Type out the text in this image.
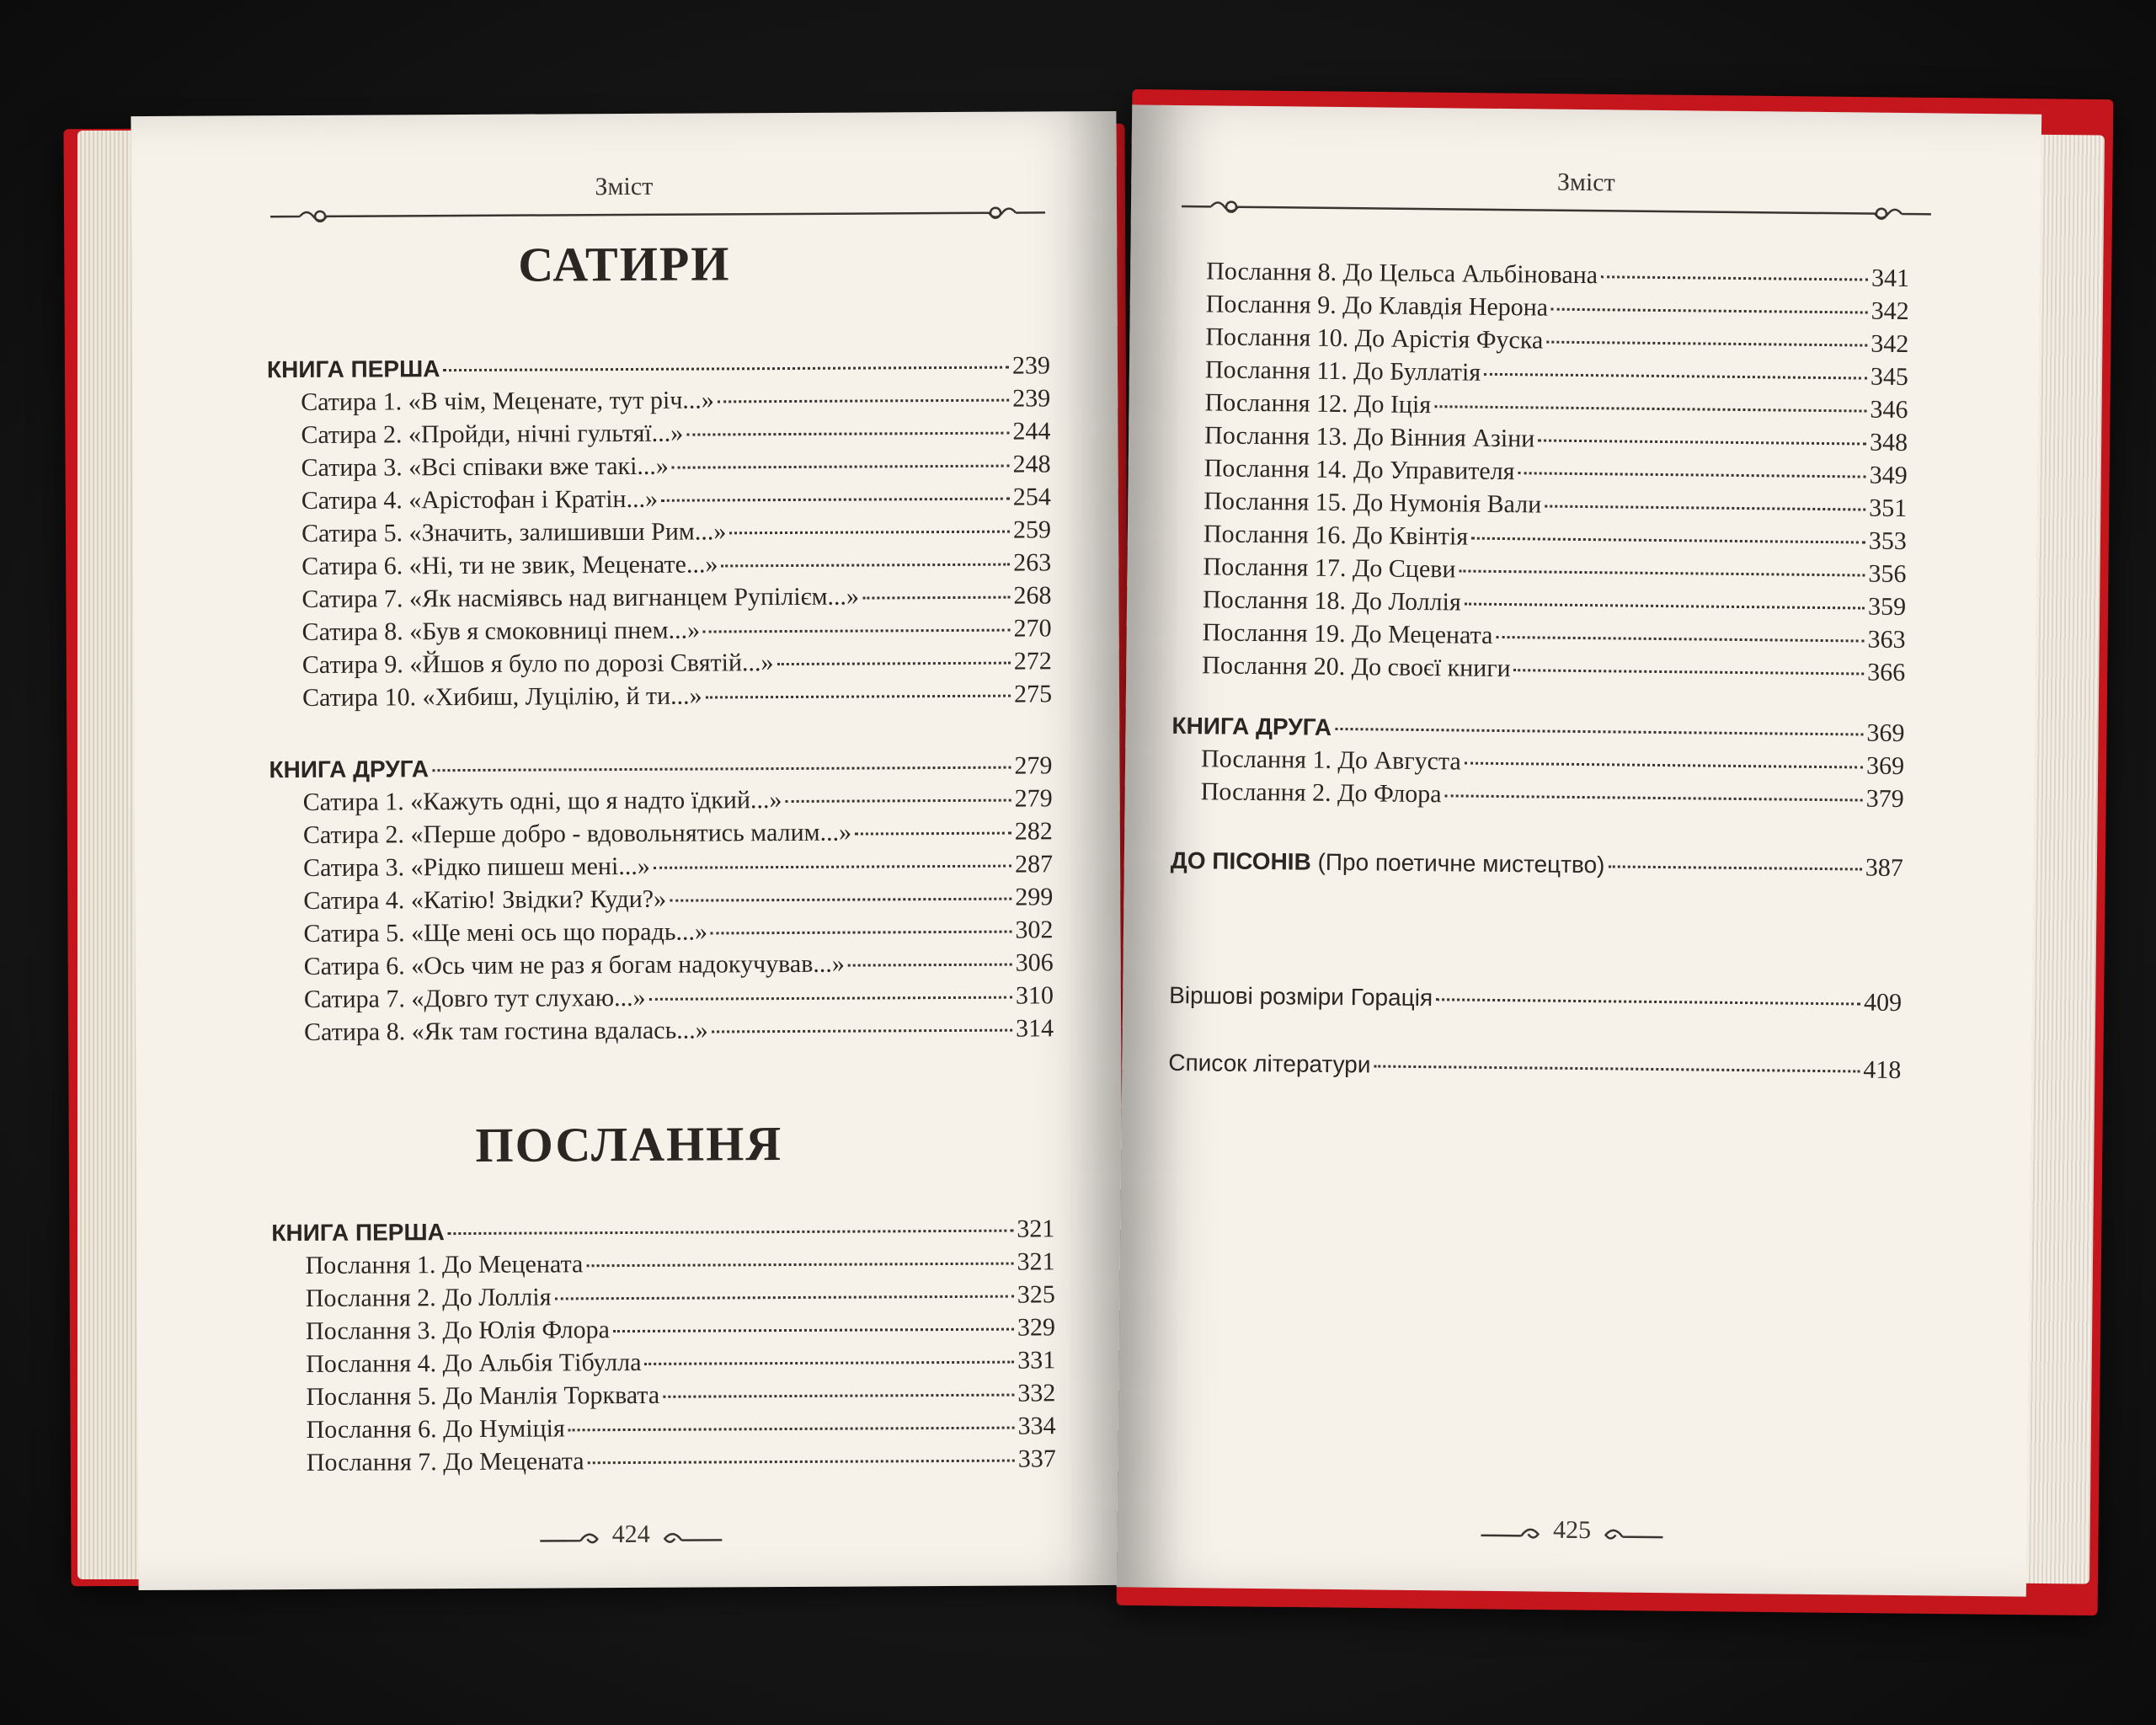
Зміст
САТИРИ
КНИГА ПЕРША	239
Сатира 1. «В чім, Меценате, тут річ...»	239
Сатира 2. «Пройди, нічні гультяї...»	244
Сатира 3. «Всі співаки вже такі...»	248
Сатира 4. «Арістофан і Кратін...»	254
Сатира 5. «Значить, залишивши Рим...»	259
Сатира 6. «Ні, ти не звик, Меценате...»	263
Сатира 7. «Як насміявсь над вигнанцем Рупілієм...»	268
Сатира 8. «Був я смоковниці пнем...»	270
Сатира 9. «Йшов я було по дорозі Святій...»	272
Сатира 10. «Хибиш, Луцілію, й ти...»	275
КНИГА ДРУГА	279
Сатира 1. «Кажуть одні, що я надто їдкий...»	279
Сатира 2. «Перше добро - вдовольнятись малим...»	282
Сатира 3. «Рідко пишеш мені...»	287
Сатира 4. «Катію! Звідки? Куди?»	299
Сатира 5. «Ще мені ось що порадь...»	302
Сатира 6. «Ось чим не раз я богам надокучував...»	306
Сатира 7. «Довго тут слухаю...»	310
Сатира 8. «Як там гостина вдалась...»	314
ПОСЛАННЯ
КНИГА ПЕРША	321
Послання 1. До Мецената	321
Послання 2. До Лоллія	325
Послання 3. До Юлія Флора	329
Послання 4. До Альбія Тібулла	331
Послання 5. До Манлія Торквата	332
Послання 6. До Нуміція	334
Послання 7. До Мецената	337
424
Зміст
Послання 8. До Цельса Альбінована	341
Послання 9. До Клавдія Нерона	342
Послання 10. До Арістія Фуска	342
Послання 11. До Буллатія	345
Послання 12. До Іція	346
Послання 13. До Вінния Азіни	348
Послання 14. До Управителя	349
Послання 15. До Нумонія Вали	351
Послання 16. До Квінтія	353
Послання 17. До Сцеви	356
Послання 18. До Лоллія	359
Послання 19. До Мецената	363
Послання 20. До своєї книги	366
КНИГА ДРУГА	369
Послання 1. До Августа	369
Послання 2. До Флора	379
ДО ПІСОНІВ (Про поетичне мистецтво)	387
Віршові розміри Горація	409
Список літератури	418
425
